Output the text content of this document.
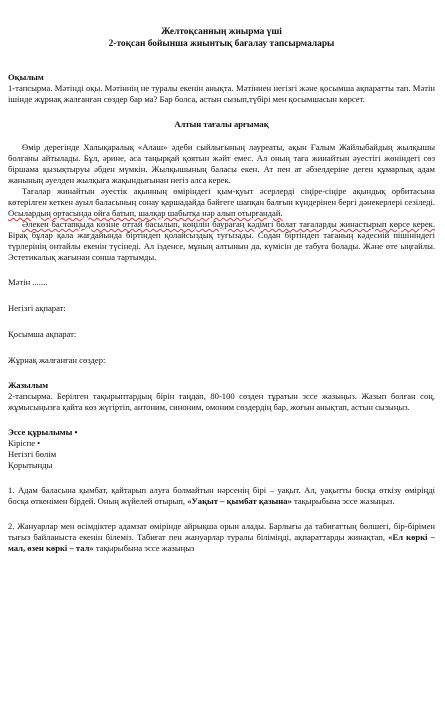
Желтоқсанның жиырма үші

2-тоқсан бойынша жиынтық бағалау тапсырмалары

Оқылым

1-тапсырма. Мәтінді оқы. Мәтіннің не туралы екенін анықта. Мәтіннен негізгі және қосымша ақпаратты тап. Мәтін ішінде жұрнақ жалғанған сөздер бар ма? Бар болса, астын сызып,түбірі мен қосымшасын көрсет.

Алтын тағалы арғымақ

Өмір дерегінде Халықаралық «Алаш» әдеби сыйлығының лауреаты, ақын Ғалым Жайлыбайдың жылқышы болғаны айтылады. Бұл, әрине, аса таңырқай қоятын жәйт емес. Ал оның таға жинайтын әуестігі жөніндегі сөз біршама қызықтыруы әбден мүмкін. Жылқышының баласы екен. Ат пен ат әбзелдеріне деген құмарлық адам жанының әуелден жылқыға жақындығынан негіз алса керек.

Тағалар жинайтын әуестік ақынның өміріндегі қым-қуыт әсерлерді сіңіре-сіңіре ақындық орбитасына көтерілген кеткен ауыл баласының сонау қаршадайда бәйгеге шапқан балғын күндерінен бергі дәнекерлері сезіледі. Осылардың ортасында ойға батып, шалқар шабытқа нәр алып отырғандай.

Әлекен бастапқыда көзіне оттай басылып, көңілін баурағаң кәдімгі болат тағаларды жинастырып көрсе керек. Бірақ бұлар қала жағдайында біртіндеп қолайсыздық туғызады. Содан біртіндеп тағаның кәдесиій пішініндегі түрлерінің онтайлы екенін түсінеді. Ал ізденсе, мұның алтынын да, күмісін де табуға болады. Және өте ыңғайлы. Эстетикалық жағынан сонша тартымды.

Мәтін .......

Негізгі ақпарат:

Қосымша ақпарат:

Жұрнақ жалғанған сөздер:

Жазылым

2-тапсырма. Берілген тақырыптардың бірін таңдап, 80-100 сөзден тұратын эссе жазыңыз. Жазып болған соң, жұмысыңызға қайта көз жүгіртіп, антоним, синоним, омоним сөздердің бар, жоғын анықтап, астын сызыңыз.

Эссе құрылымы •

Кіріспе •

Негізгі бөлім

Қорытынды

1. Адам баласына қымбат, қайтарып алуға болмайтын нәрсенің бірі – уақыт. Ал, уақытты босқа өткізу өміріңді босқа өткенімен бірдей. Оның жүйелей отырып, «Уақыт – қымбат қазына» тақырыбына эссе жазыңыз.

2. Жануарлар мен өсімдіктер адамзат өмірінде айрықша орын алады. Барлығы да табиғаттың бөлшегі, бір-бірімен тығыз байланыста екенін білеміз. Табиғат пен жануарлар туралы біліміңді, ақпараттарды жинақтап, «Ел көркі – мал, өзен көркі – тал» тақырыбына эссе жазыңыз
